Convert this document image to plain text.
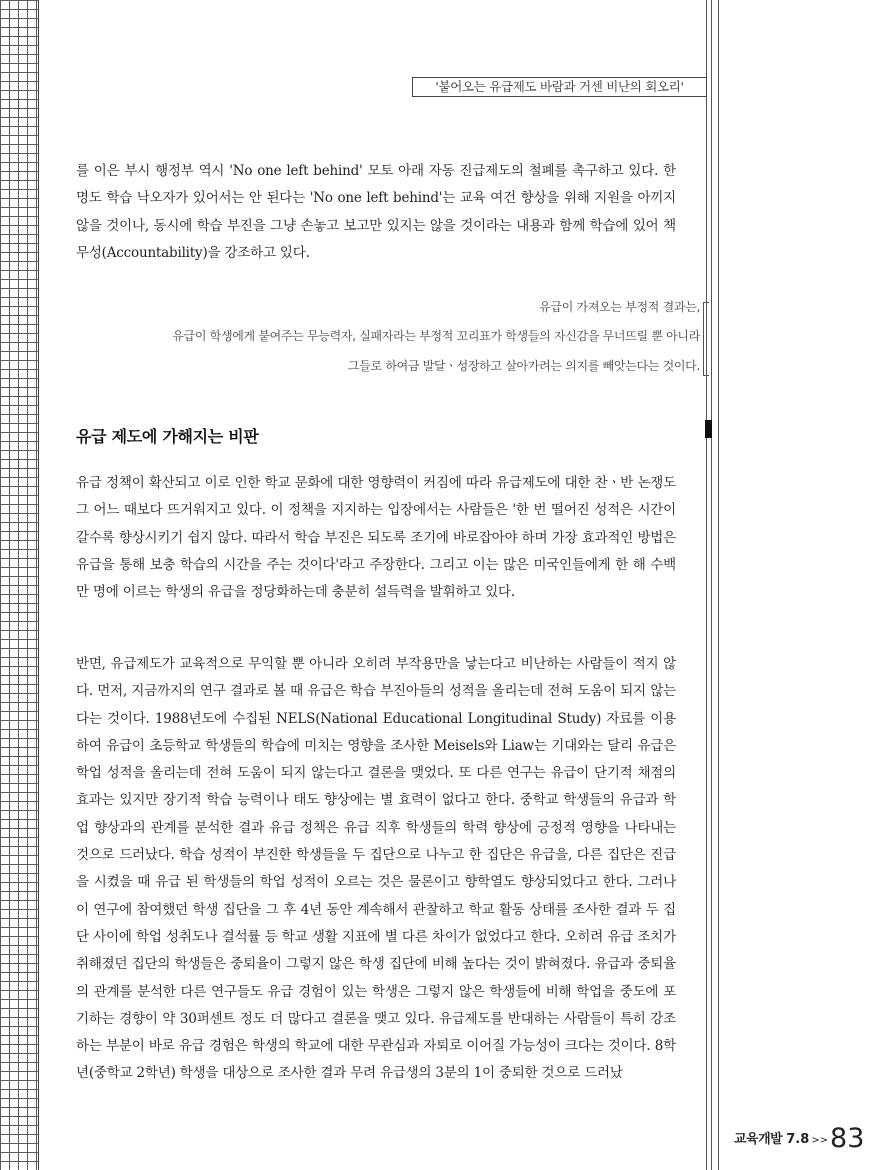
'붙어오는 유급제도 바람과 거센 비난의 회오리'
를 이은 부시 행정부 역시 'No one left behind' 모토 아래 자동 진급제도의 철폐를 촉구하고 있다. 한 명도 학습 낙오자가 있어서는 안 된다는 'No one left behind'는 교육 여건 향상을 위해 지원을 아끼지 않을 것이나, 동시에 학습 부진을 그냥 손놓고 보고만 있지는 않을 것이라는 내용과 함께 학습에 있어 책무성(Accountability)을 강조하고 있다.
유급이 가져오는 부정적 결과는,
유급이 학생에게 붙여주는 무능력자, 실패자라는 부정적 꼬리표가 학생들의 자신감을 무너뜨릴 뿐 아니라
그들로 하여금 발달ㆍ성장하고 살아가려는 의지를 빼앗는다는 것이다.
유급 제도에 가해지는 비판
유급 정책이 확산되고 이로 인한 학교 문화에 대한 영향력이 커짐에 따라 유급제도에 대한 찬ㆍ반 논쟁도 그 어느 때보다 뜨거워지고 있다. 이 정책을 지지하는 입장에서는 사람들은 '한 번 떨어진 성적은 시간이 갈수록 향상시키기 쉽지 않다. 따라서 학습 부진은 되도록 조기에 바로잡아야 하며 가장 효과적인 방법은 유급을 통해 보충 학습의 시간을 주는 것이다'라고 주장한다. 그리고 이는 많은 미국인들에게 한 해 수백만 명에 이르는 학생의 유급을 정당화하는데 충분히 설득력을 발휘하고 있다.
반면, 유급제도가 교육적으로 무익할 뿐 아니라 오히려 부작용만을 낳는다고 비난하는 사람들이 적지 않다. 먼저, 지금까지의 연구 결과로 볼 때 유급은 학습 부진아들의 성적을 올리는데 전혀 도움이 되지 않는다는 것이다. 1988년도에 수집된 NELS(National Educational Longitudinal Study) 자료를 이용하여 유급이 초등학교 학생들의 학습에 미치는 영향을 조사한 Meisels와 Liaw는 기대와는 달리 유급은 학업 성적을 올리는데 전혀 도움이 되지 않는다고 결론을 맺었다. 또 다른 연구는 유급이 단기적 채점의 효과는 있지만 장기적 학습 능력이나 태도 향상에는 별 효력이 없다고 한다. 중학교 학생들의 유급과 학업 향상과의 관계를 분석한 결과 유급 정책은 유급 직후 학생들의 학력 향상에 긍정적 영향을 나타내는 것으로 드러났다. 학습 성적이 부진한 학생들을 두 집단으로 나누고 한 집단은 유급을, 다른 집단은 진급을 시켰을 때 유급 된 학생들의 학업 성적이 오르는 것은 물론이고 향학열도 향상되었다고 한다. 그러나 이 연구에 참여했던 학생 집단을 그 후 4년 동안 계속해서 관찰하고 학교 활동 상태를 조사한 결과 두 집단 사이에 학업 성취도나 결석률 등 학교 생활 지표에 별 다른 차이가 없었다고 한다. 오히려 유급 조치가 취해졌던 집단의 학생들은 중퇴율이 그렇지 않은 학생 집단에 비해 높다는 것이 밝혀졌다. 유급과 중퇴율의 관계를 분석한 다른 연구들도 유급 경험이 있는 학생은 그렇지 않은 학생들에 비해 학업을 중도에 포기하는 경향이 약 30퍼센트 정도 더 많다고 결론을 맺고 있다. 유급제도를 반대하는 사람들이 특히 강조하는 부분이 바로 유급 경험은 학생의 학교에 대한 무관심과 자퇴로 이어질 가능성이 크다는 것이다. 8학년(중학교 2학년) 학생을 대상으로 조사한 결과 무려 유급생의 3분의 1이 중퇴한 것으로 드러났
교육개발 7.8 >>83
